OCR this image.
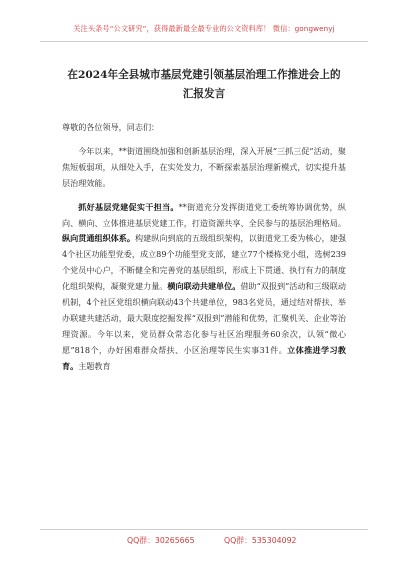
关注头条号“公文研究”，获得最新最全最专业的公文资料库！ 微信：gongwenyj
在2024年全县城市基层党建引领基层治理工作推进会上的
汇报发言

尊敬的各位领导，同志们：

今年以来，**街道围绕加强和创新基层治理，深入开展“三抓三促”活动，聚焦短板弱项，从细处入手，在实处发力，不断探索基层治理新模式，切实提升基层治理效能。

抓好基层党建促实干担当。**街道充分发挥街道党工委统筹协调优势，纵向、横向、立体推进基层党建工作，打造资源共享、全民参与的基层治理格局。纵向贯通组织体系。构建纵向到底的五级组织架构，以街道党工委为核心，建强4个社区功能型党委，成立89个功能型党支部，建立77个楼栋党小组，选树239个党员中心户，不断健全和完善党的基层组织，形成上下贯通、执行有力的制度化组织架构，凝聚党建力量。横向联动共建单位。借助“双报到”活动和三级联动机制，4个社区党组织横向联动43个共建单位，983名党员，通过结对帮扶、举办联建共建活动，最大限度挖掘发挥“双报到”潜能和优势，汇聚机关、企业等治理资源。今年以来，党员群众常态化参与社区治理服务60余次，认领“微心愿”818个，办好困难群众帮扶、小区治理等民生实事31件。立体推进学习教育。主题教育

QQ群：30265665	QQ群：535304092
